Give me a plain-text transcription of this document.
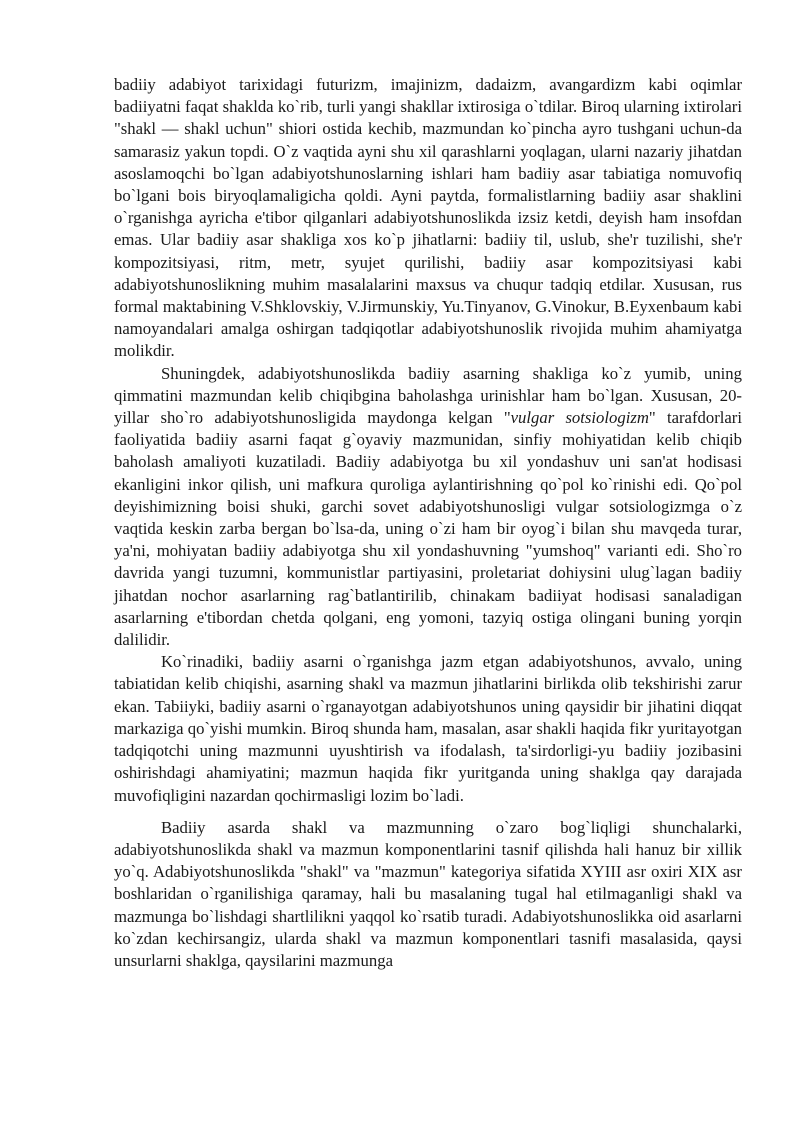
badiiy adabiyot tarixidagi futurizm, imajinizm, dadaizm, avangardizm kabi oqimlar badiiyatni faqat shaklda ko`rib, turli yangi shakllar ixtirosiga o`tdilar. Biroq ularning ixtirolari "shakl — shakl uchun" shiori ostida kechib, mazmundan ko`pincha ayro tushgani uchun-da samarasiz yakun topdi. O`z vaqtida ayni shu xil qarashlarni yoqlagan, ularni nazariy jihatdan asoslamoqchi bo`lgan adabiyotshunoslarning ishlari ham badiiy asar tabiatiga nomuvofiq bo`lgani bois biryoqlamaligicha qoldi. Ayni paytda, formalistlarning badiiy asar shaklini o`rganishga ayricha e'tibor qilganlari adabiyotshunoslikda izsiz ketdi, deyish ham insofdan emas. Ular badiiy asar shakliga xos ko`p jihatlarni: badiiy til, uslub, she'r tuzilishi, she'r kompozitsiyasi, ritm, metr, syujet qurilishi, badiiy asar kompozitsiyasi kabi adabiyotshunoslikning muhim masalalarini maxsus va chuqur tadqiq etdilar. Xususan, rus formal maktabining V.Shklovskiy, V.Jirmunskiy, Yu.Tinyanov, G.Vinokur, B.Eyxenbaum kabi namoyandalari amalga oshirgan tadqiqotlar adabiyotshunoslik rivojida muhim ahamiyatga molikdir.

Shuningdek, adabiyotshunoslikda badiiy asarning shakliga ko`z yumib, uning qimmatini mazmundan kelib chiqibgina baholashga urinishlar ham bo`lgan. Xususan, 20-yillar sho`ro adabiyotshunosligida maydonga kelgan "vulgar sotsiologizm" tarafdorlari faoliyatida badiiy asarni faqat g`oyaviy mazmunidan, sinfiy mohiyatidan kelib chiqib baholash amaliyoti kuzatiladi. Badiiy adabiyotga bu xil yondashuv uni san'at hodisasi ekanligini inkor qilish, uni mafkura quroliga aylantirishning qo`pol ko`rinishi edi. Qo`pol deyishimizning boisi shuki, garchi sovet adabiyotshunosligi vulgar sotsiologizmga o`z vaqtida keskin zarba bergan bo`lsa-da, uning o`zi ham bir oyog`i bilan shu mavqeda turar, ya'ni, mohiyatan badiiy adabiyotga shu xil yondashuvning "yumshoq" varianti edi. Sho`ro davrida yangi tuzumni, kommunistlar partiyasini, proletariat dohiysini ulug`lagan badiiy jihatdan nochor asarlarning rag`batlantirilib, chinakam badiiyat hodisasi sanaladigan asarlarning e'tibordan chetda qolgani, eng yomoni, tazyiq ostiga olingani buning yorqin dalilidir.

Ko`rinadiki, badiiy asarni o`rganishga jazm etgan adabiyotshunos, avvalo, uning tabiatidan kelib chiqishi, asarning shakl va mazmun jihatlarini birlikda olib tekshirishi zarur ekan. Tabiiyki, badiiy asarni o`rganayotgan adabiyotshunos uning qaysidir bir jihatini diqqat markaziga qo`yishi mumkin. Biroq shunda ham, masalan, asar shakli haqida fikr yuritayotgan tadqiqotchi uning mazmunni uyushtirish va ifodalash, ta'sirdorligi-yu badiiy jozibasini oshirishdagi ahamiyatini; mazmun haqida fikr yuritganda uning shaklga qay darajada muvofiqligini nazardan qochirmasligi lozim bo`ladi.

Badiiy asarda shakl va mazmunning o`zaro bog`liqligi shunchalarki, adabiyotshunoslikda shakl va mazmun komponentlarini tasnif qilishda hali hanuz bir xillik yo`q. Adabiyotshunoslikda "shakl" va "mazmun" kategoriya sifatida XYIII asr oxiri XIX asr boshlaridan o`rganilishiga qaramay, hali bu masalaning tugal hal etilmaganligi shakl va mazmunga bo`lishdagi shartlilikni yaqqol ko`rsatib turadi. Adabiyotshunoslikka oid asarlarni ko`zdan kechirsangiz, ularda shakl va mazmun komponentlari tasnifi masalasida, qaysi unsurlarni shaklga, qaysilarini mazmunga
